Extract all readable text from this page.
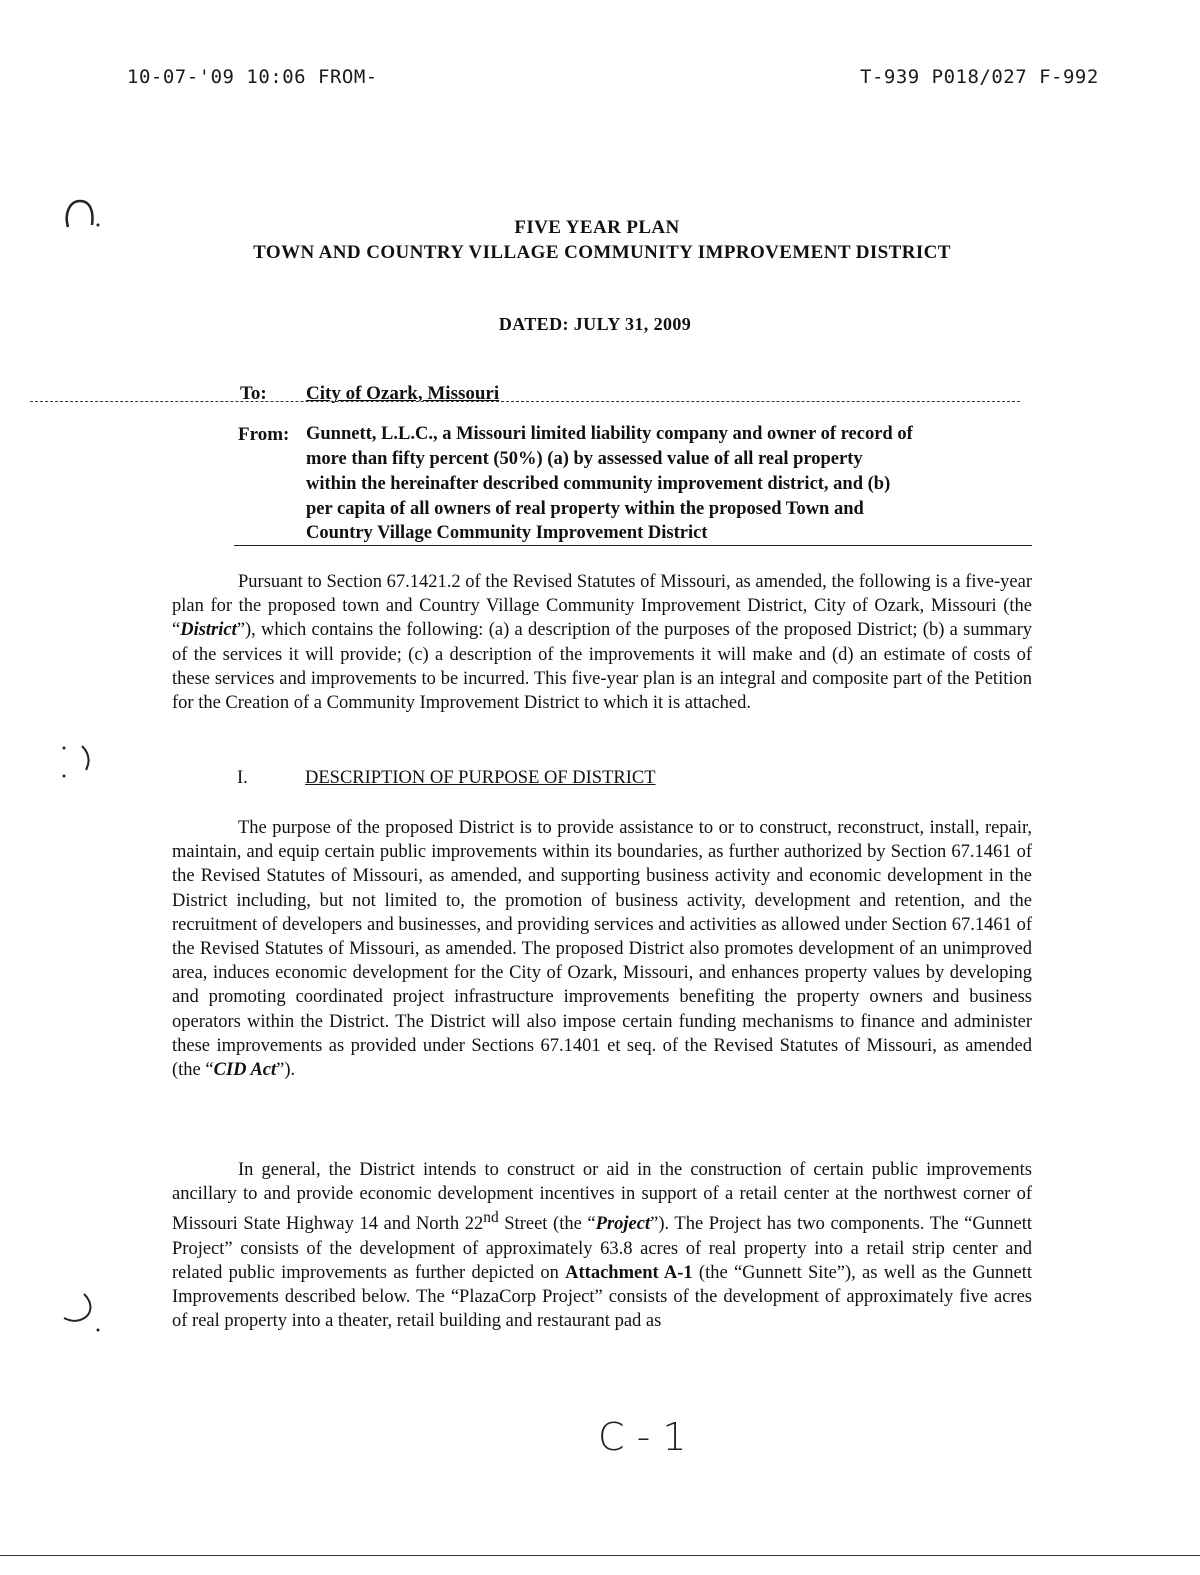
10-07-'09 10:06 FROM-	T-939 P018/027 F-992
FIVE YEAR PLAN
TOWN AND COUNTRY VILLAGE COMMUNITY IMPROVEMENT DISTRICT
DATED: JULY 31, 2009
To: City of Ozark, Missouri
From: Gunnett, L.L.C., a Missouri limited liability company and owner of record of
more than fifty percent (50%) (a) by assessed value of all real property
within the hereinafter described community improvement district, and (b)
per capita of all owners of real property within the proposed Town and
Country Village Community Improvement District

Pursuant to Section 67.1421.2 of the Revised Statutes of Missouri, as amended, the following is a five-year plan for the proposed town and Country Village Community Improvement District, City of Ozark, Missouri (the “District”), which contains the following: (a) a description of the purposes of the proposed District; (b) a summary of the services it will provide; (c) a description of the improvements it will make and (d) an estimate of costs of these services and improvements to be incurred. This five-year plan is an integral and composite part of the Petition for the Creation of a Community Improvement District to which it is attached.

I.	DESCRIPTION OF PURPOSE OF DISTRICT

The purpose of the proposed District is to provide assistance to or to construct, reconstruct, install, repair, maintain, and equip certain public improvements within its boundaries, as further authorized by Section 67.1461 of the Revised Statutes of Missouri, as amended, and supporting business activity and economic development in the District including, but not limited to, the promotion of business activity, development and retention, and the recruitment of developers and businesses, and providing services and activities as allowed under Section 67.1461 of the Revised Statutes of Missouri, as amended. The proposed District also promotes development of an unimproved area, induces economic development for the City of Ozark, Missouri, and enhances property values by developing and promoting coordinated project infrastructure improvements benefiting the property owners and business operators within the District. The District will also impose certain funding mechanisms to finance and administer these improvements as provided under Sections 67.1401 et seq. of the Revised Statutes of Missouri, as amended (the “CID Act”).

In general, the District intends to construct or aid in the construction of certain public improvements ancillary to and provide economic development incentives in support of a retail center at the northwest corner of Missouri State Highway 14 and North 22nd Street (the “Project”). The Project has two components. The “Gunnett Project” consists of the development of approximately 63.8 acres of real property into a retail strip center and related public improvements as further depicted on Attachment A-1 (the “Gunnett Site”), as well as the Gunnett Improvements described below. The “PlazaCorp Project” consists of the development of approximately five acres of real property into a theater, retail building and restaurant pad as

C - 1
